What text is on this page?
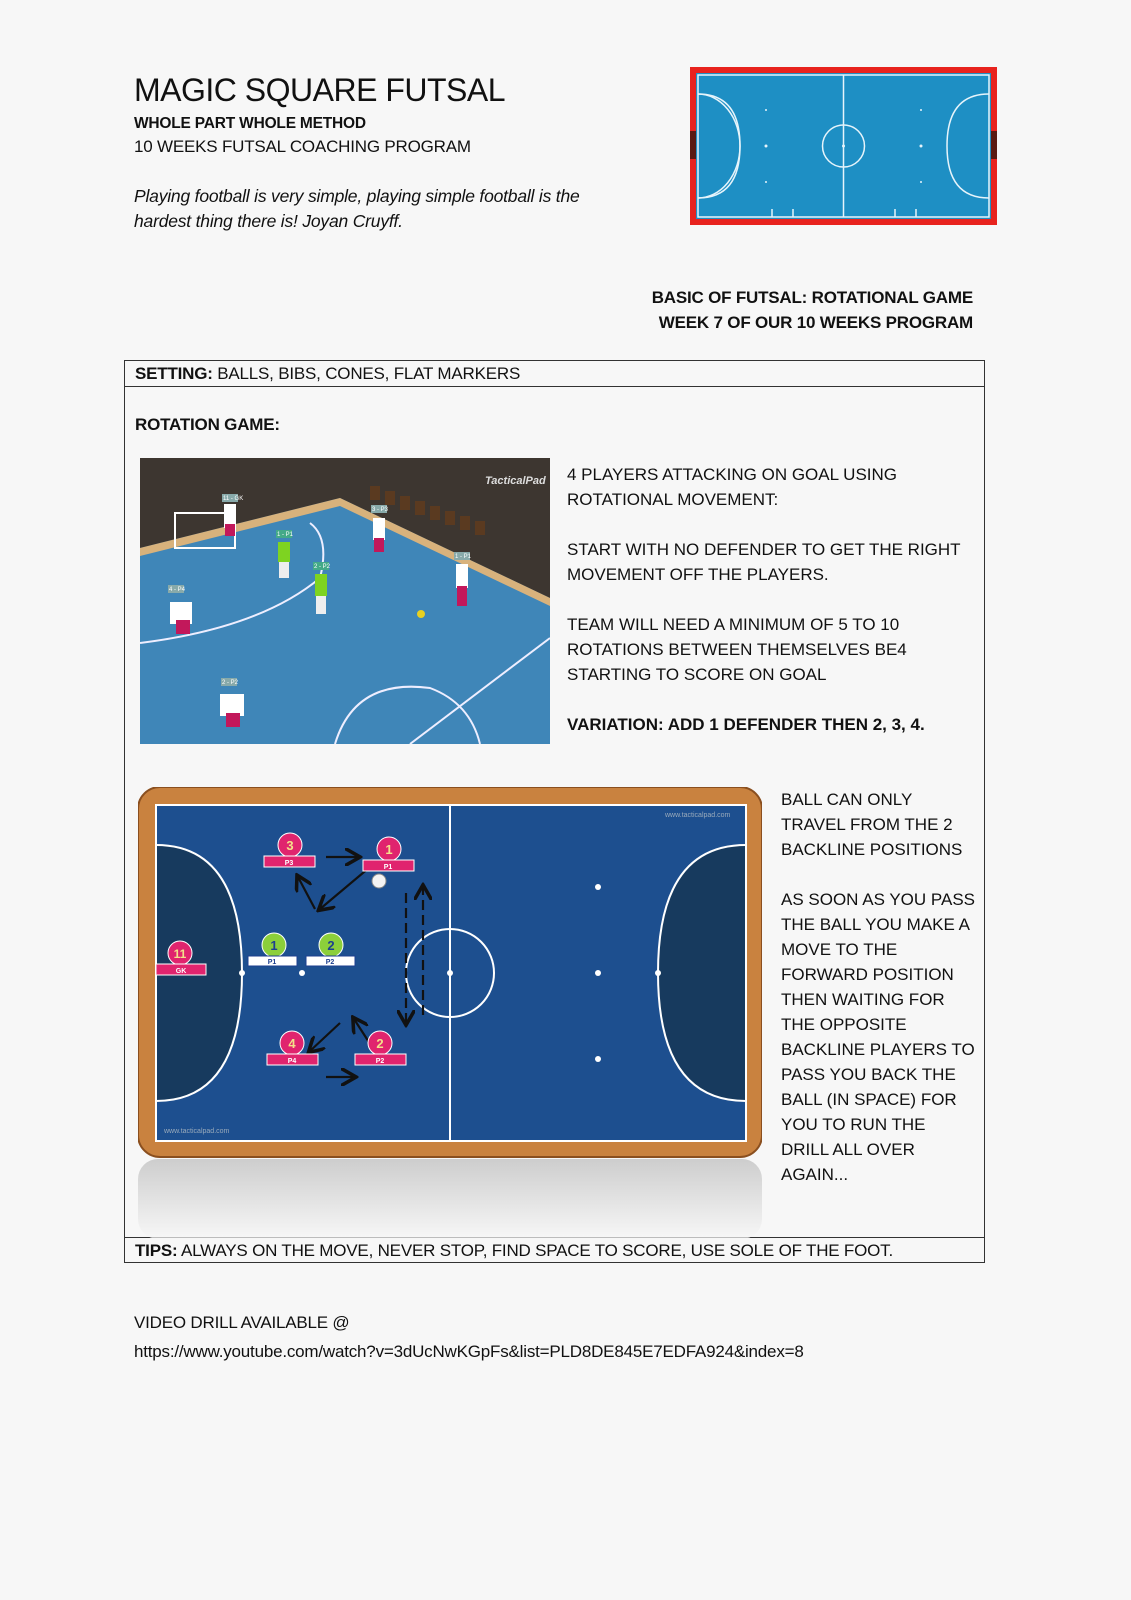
MAGIC SQUARE FUTSAL
WHOLE PART WHOLE METHOD
10 WEEKS FUTSAL COACHING PROGRAM
Playing football is very simple, playing simple football is the
hardest thing there is! Joyan Cruyff.
BASIC OF FUTSAL: ROTATIONAL GAME
WEEK 7 OF OUR 10 WEEKS PROGRAM
SETTING: BALLS, BIBS, CONES, FLAT MARKERS
ROTATION GAME:
TacticalPad
11 - GK
1 - P1
2 - P2
3 - P3
1 - P1
4 - P4
2 - P2

4 PLAYERS ATTACKING ON GOAL USING

ROTATIONAL MOVEMENT:

START WITH NO DEFENDER TO GET THE RIGHT

MOVEMENT OFF THE PLAYERS.

TEAM WILL NEED A MINIMUM OF 5 TO 10

ROTATIONS BETWEEN THEMSELVES BE4

STARTING TO SCORE ON GOAL

VARIATION: ADD 1 DEFENDER THEN 2, 3, 4.

www.tacticalpad.com
www.tacticalpad.com
3
P3
1
P1
4
P4
2
P2
11
GK
1
P1
2
P2

BALL CAN ONLY

TRAVEL FROM THE 2

BACKLINE POSITIONS

AS SOON AS YOU PASS

THE BALL YOU MAKE A

MOVE TO THE

FORWARD POSITION

THEN WAITING FOR

THE OPPOSITE

BACKLINE PLAYERS TO

PASS YOU BACK THE

BALL (IN SPACE) FOR

YOU TO RUN THE

DRILL ALL OVER

AGAIN...

TIPS: ALWAYS ON THE MOVE, NEVER STOP, FIND SPACE TO SCORE, USE SOLE OF THE FOOT.
VIDEO DRILL AVAILABLE @
https://www.youtube.com/watch?v=3dUcNwKGpFs&list=PLD8DE845E7EDFA924&index=8
